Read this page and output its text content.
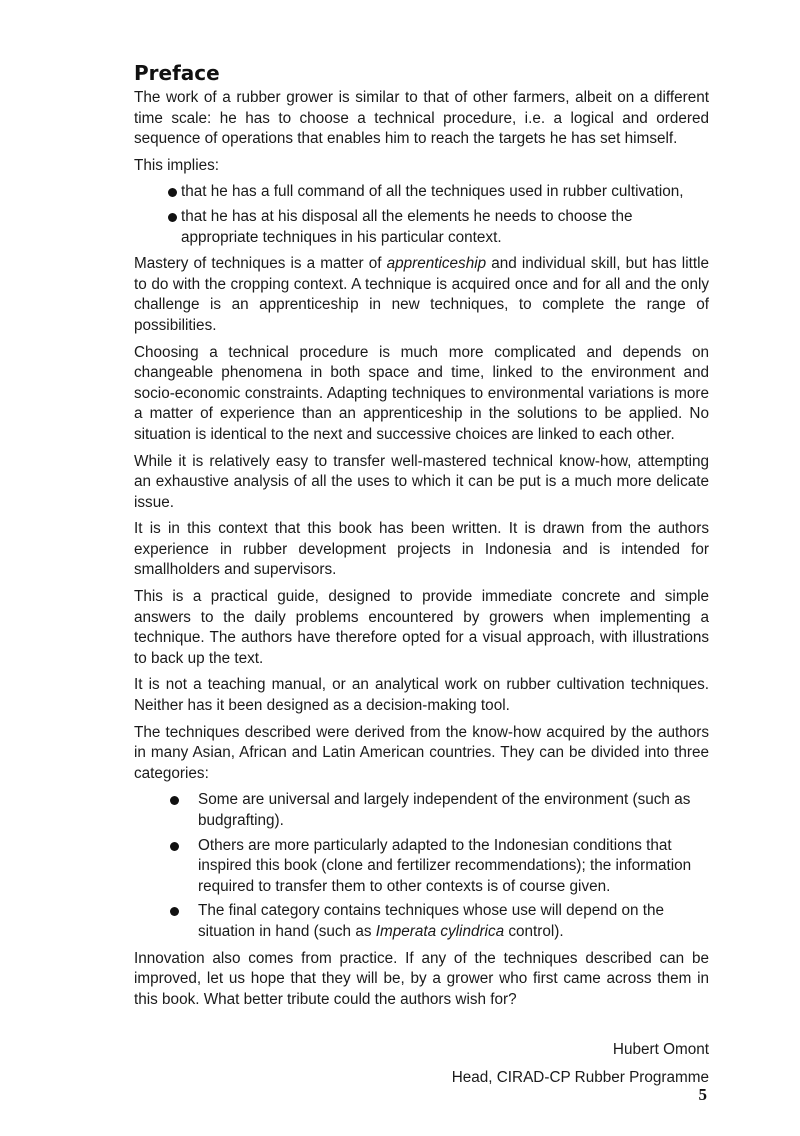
Preface

The work of a rubber grower is similar to that of other farmers, albeit on a different time scale: he has to choose a technical procedure, i.e. a logical and ordered sequence of operations that enables him to reach the targets he has set himself.

This implies:

that he has a full command of all the techniques used in rubber cultivation,
that he has at his disposal all the elements he needs to choose the appropriate techniques in his particular context.

Mastery of techniques is a matter of apprenticeship and individual skill, but has little to do with the cropping context. A technique is acquired once and for all and the only challenge is an apprenticeship in new techniques, to complete the range of possibilities.

Choosing a technical procedure is much more complicated and depends on changeable phenomena in both space and time, linked to the environment and socio-economic constraints. Adapting techniques to environmental variations is more a matter of experience than an apprenticeship in the solutions to be applied. No situation is identical to the next and successive choices are linked to each other.

While it is relatively easy to transfer well-mastered technical know-how, attempting an exhaustive analysis of all the uses to which it can be put is a much more delicate issue.

It is in this context that this book has been written. It is drawn from the authors experience in rubber development projects in Indonesia and is intended for smallholders and supervisors.

This is a practical guide, designed to provide immediate concrete and simple answers to the daily problems encountered by growers when implementing a technique. The authors have therefore opted for a visual approach, with illustrations to back up the text.

It is not a teaching manual, or an analytical work on rubber cultivation techniques. Neither has it been designed as a decision-making tool.

The techniques described were derived from the know-how acquired by the authors in many Asian, African and Latin American countries. They can be divided into three categories:

Some are universal and largely independent of the environment (such as budgrafting).
Others are more particularly adapted to the Indonesian conditions that inspired this book (clone and fertilizer recommendations); the information required to transfer them to other contexts is of course given.
The final category contains techniques whose use will depend on the situation in hand (such as Imperata cylindrica control).

Innovation also comes from practice. If any of the techniques described can be improved, let us hope that they will be, by a grower who first came across them in this book. What better tribute could the authors wish for?

Hubert Omont
Head, CIRAD-CP Rubber Programme
5
